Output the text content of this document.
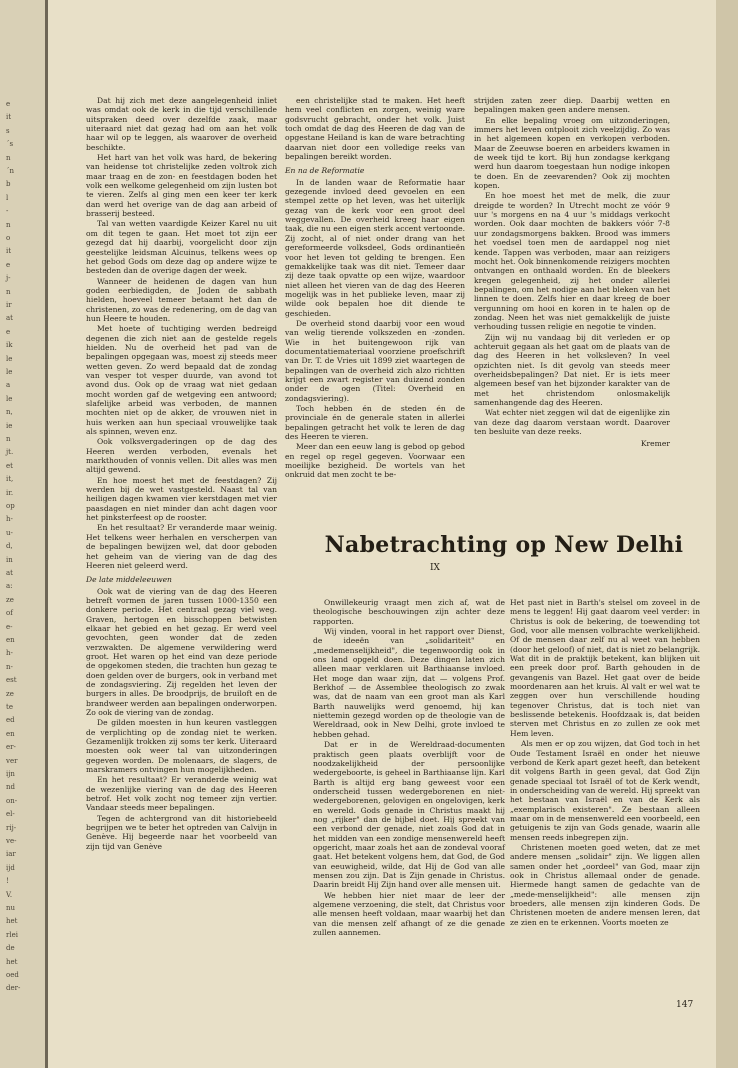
e
it
s
´s
n
´n
b
l
-
n
o
it
e
j-
n
ir
at
e
ik
le
le
a
le
n,
ie
n
jt.
et
it,
ir.
op
h-
u-
d,
in
at
a:
ze
of
e-
en
h-
n-
est
ze
te
ed
en
er-
ver
ijn
nd
on-
el-
rij-
ve-
iar
ijd
!
V.
nu
het
rlei
de
het
oed
der-

Dat hij zich met deze aangelegenheid inliet was omdat ook de kerk in die tijd verschillende uitspraken deed over dezelfde zaak, maar uiteraard niet dat gezag had om aan het volk haar wil op te leggen, als waarover de overheid beschikte.

Het hart van het volk was hard, de bekering van heidense tot christelijke zeden voltrok zich maar traag en de zon- en feestdagen boden het volk een welkome gelegenheid om zijn lusten bot te vieren. Zelfs al ging men een keer ter kerk dan werd het overige van de dag aan arbeid of brasserij besteed.

Tal van wetten vaardigde Keizer Karel nu uit om dit tegen te gaan. Het moet tot zijn eer gezegd dat hij daarbij, voorgelicht door zijn geestelijke leidsman Alcuinus, telkens wees op het gebod Gods om deze dag op andere wijze te besteden dan de overige dagen der week.

Wanneer de heidenen de dagen van hun goden eerbiedigden, de Joden de sabbath hielden, hoeveel temeer betaamt het dan de christenen, zo was de redenering, om de dag van hun Heere te houden.

Met hoete of tuchtiging werden bedreigd degenen die zich niet aan de gestelde regels hielden. Nu de overheid het pad van de bepalingen opgegaan was, moest zij steeds meer wetten geven. Zo werd bepaald dat de zondag van vesper tot vesper duurde, van avond tot avond dus. Ook op de vraag wat niet gedaan mocht worden gaf de wetgeving een antwoord; slafelijke arbeid was verboden, de mannen mochten niet op de akker, de vrouwen niet in huis werken aan hun speciaal vrouwelijke taak als spinnen, weven enz.

Ook volksvergaderingen op de dag des Heeren werden verboden, evenals het markthouden of vonnis vellen. Dit alles was men altijd gewend.

En hoe moest het met de feestdagen? Zij werden bij de wet vastgesteld. Naast tal van heiligen dagen kwamen vier kerstdagen met vier paasdagen en niet minder dan acht dagen voor het pinksterfeest op de rooster.

En het resultaat? Er veranderde maar weinig. Het telkens weer herhalen en verscherpen van de bepalingen bewijzen wel, dat door geboden het geheim van de viering van de dag des Heeren niet geleerd werd.

De late middeleeuwen

Ook wat de viering van de dag des Heeren betreft vormen de jaren tussen 1000-1350 een donkere periode. Het centraal gezag viel weg. Graven, hertogen en bisschoppen betwisten elkaar het gebied en het gezag. Er werd veel gevochten, geen wonder dat de zeden verzwakten. De algemene verwildering werd groot. Het waren op het eind van deze periode de opgekomen steden, die trachten hun gezag te doen gelden over de burgers, ook in verband met de zondagsviering. Zij regelden het leven der burgers in alles. De broodprijs, de bruiloft en de brandweer werden aan bepalingen onderworpen. Zo ook de viering van de zondag.

De gilden moesten in hun keuren vastleggen de verplichting op de zondag niet te werken. Gezamenlijk trokken zij soms ter kerk. Uiteraard moesten ook weer tal van uitzonderingen gegeven worden. De molenaars, de slagers, de marskramers ontvingen hun mogelijkheden.

En het resultaat? Er veranderde weinig wat de wezenlijke viering van de dag des Heeren betrof. Het volk zocht nog temeer zijn vertier. Vandaar steeds meer bepalingen.

Tegen de achtergrond van dit historiebeeld begrijpen we te beter het optreden van Calvijn in Genève. Hij begeerde naar het voorbeeld van zijn tijd van Genève

een christelijke stad te maken. Het heeft hem veel conflicten en zorgen, weinig ware godsvrucht gebracht, onder het volk. Juist toch omdat de dag des Heeren de dag van de opgestane Heiland is kan de ware betrachting daarvan niet door een volledige reeks van bepalingen bereikt worden.

En na de Reformatie

In de landen waar de Reformatie haar gezegende invloed deed gevoelen en een stempel zette op het leven, was het uiterlijk gezag van de kerk voor een groot deel weggevallen. De overheid kreeg haar eigen taak, die nu een eigen sterk accent vertoonde. Zij zocht, al of niet onder drang van het gereformeerde volksdeel, Gods ordinantieën voor het leven tot gelding te brengen. Een gemakkelijke taak was dit niet. Temeer daar zij deze taak opvatte op een wijze, waardoor niet alleen het vieren van de dag des Heeren mogelijk was in het publieke leven, maar zij wilde ook bepalen hoe dit diende te geschieden.

De overheid stond daarbij voor een woud van welig tierende volkszeden en -zonden. Wie in het buitengewoon rijk van documentatiemateriaal voorziene proefschrift van Dr. T. de Vries uit 1899 ziet waartegen de bepalingen van de overheid zich alzo richtten krijgt een zwart register van duizend zonden onder de ogen (Titel: Overheid en zondagsviering).

Toch hebben én de steden én de provinciale én de generale staten in allerlei bepalingen getracht het volk te leren de dag des Heeren te vieren.

Meer dan een eeuw lang is gebod op gebod en regel op regel gegeven. Voorwaar een moeilijke bezigheid. De wortels van het onkruid dat men zocht te be-

strijden zaten zeer diep. Daarbij wetten en bepalingen maken geen andere mensen.

En elke bepaling vroeg om uitzonderingen, immers het leven ontplooit zich veelzijdig. Zo was in het algemeen kopen en verkopen verboden. Maar de Zeeuwse boeren en arbeiders kwamen in de week tijd te kort. Bij hun zondagse kerkgang werd hun daarom toegestaan hun nodige inkopen te doen. En de zeevarenden? Ook zij mochten kopen.

En hoe moest het met de melk, die zuur dreigde te worden? In Utrecht mocht ze vóór 9 uur 's morgens en na 4 uur 's middags verkocht worden. Ook daar mochten de bakkers vóór 7-8 uur zondagsmorgens bakken. Brood was immers het voedsel toen men de aardappel nog niet kende. Tappen was verboden, maar aan reizigers mocht het. Ook binnenkomende reizigers mochten ontvangen en onthaald worden. En de bleekers kregen gelegenheid, zij het onder allerlei bepalingen, om het nodige aan het bleken van het linnen te doen. Zelfs hier en daar kreeg de boer vergunning om hooi en koren in te halen op de zondag. Neen het was niet gemakkelijk de juiste verhouding tussen religie en negotie te vinden.

Zijn wij nu vandaag bij dit verleden er op achteruit gegaan als het gaat om de plaats van de dag des Heeren in het volksleven? In veel opzichten niet. Is dit gevolg van steeds meer overheidsbepalingen? Dat niet. Er is iets meer algemeen besef van het bijzonder karakter van de met het christendom onlosmakelijk samenhangende dag des Heeren.

Wat echter niet zeggen wil dat de eigenlijke zin van deze dag daarom verstaan wordt. Daarover ten besluite van deze reeks.

Kremer

Nabetrachting op New Delhi
IX

Onwillekeurig vraagt men zich af, wat de theologische beschouwingen zijn achter deze rapporten.

Wij vinden, vooral in het rapport over Dienst, de ideeën van „solidariteit" en „medemenselijkheid", die tegenwoordig ook in ons land opgeld doen. Deze dingen laten zich alleen maar verklaren uit Barthiaanse invloed. Het moge dan waar zijn, dat — volgens Prof. Berkhof — de Assemblee theologisch zo zwak was, dat de naam van een groot man als Karl Barth nauwelijks werd genoemd, hij kan niettemin gezegd worden op de theologie van de Wereldraad, ook in New Delhi, grote invloed te hebben gehad.

Dat er in de Wereldraad-documenten praktisch geen plaats overblijft voor de noodzakelijkheid der persoonlijke wedergeboorte, is geheel in Barthiaanse lijn. Karl Barth is altijd erg bang geweest voor een onderscheid tussen wedergeborenen en niet-wedergeborenen, gelovigen en ongelovigen, kerk en wereld. Gods genade in Christus maakt hij nog „rijker" dan de bijbel doet. Hij spreekt van een verbond der genade, niet zoals God dat in het midden van een zondige mensenwereld heeft opgericht, maar zoals het aan de zondeval vooraf gaat. Het betekent volgens hem, dat God, de God van eeuwigheid, wilde, dat Hij de God van alle mensen zou zijn. Dat is Zijn genade in Christus. Daarin breidt Hij Zijn hand over alle mensen uit.

We hebben hier niet maar de leer der algemene verzoening, die stelt, dat Christus voor alle mensen heeft voldaan, maar waarbij het dan van die mensen zelf afhangt of ze die genade zullen aannemen.

Het past niet in Barth's stelsel om zoveel in de mens te leggen! Hij gaat daarom veel verder: in Christus is ook de bekering, de toewending tot God, voor alle mensen volbrachte werkelijkheid. Of de mensen daar zelf nu al weet van hebben (door het geloof) of niet, dat is niet zo belangrijk. Wat dit in de praktijk betekent, kan blijken uit een preek door prof. Barth gehouden in de gevangenis van Bazel. Het gaat over de beide moordenaren aan het kruis. Al valt er wel wat te zeggen over hun verschillende houding tegenover Christus, dat is toch niet van beslissende betekenis. Hoofdzaak is, dat beiden sterven met Christus en zo zullen ze ook met Hem leven.

Als men er op zou wijzen, dat God toch in het Oude Testament Israël en onder het nieuwe verbond de Kerk apart gezet heeft, dan betekent dit volgens Barth in geen geval, dat God Zijn genade speciaal tot Israël of tot de Kerk wendt, in onderscheiding van de wereld. Hij spreekt van het bestaan van Israël en van de Kerk als „exemplarisch existeren". Ze bestaan alleen maar om in de mensenwereld een voorbeeld, een getuigenis te zijn van Gods genade, waarin alle mensen reeds inbegrepen zijn.

Christenen moeten goed weten, dat ze met andere mensen „solidair" zijn. We liggen allen samen onder het „oordeel" van God, maar zijn ook in Christus allemaal onder de genade. Hiermede hangt samen de gedachte van de „mede-menselijkheid": alle mensen zijn broeders, alle mensen zijn kinderen Gods. De Christenen moeten de andere mensen leren, dat ze zien en te erkennen. Voorts moeten ze

147
